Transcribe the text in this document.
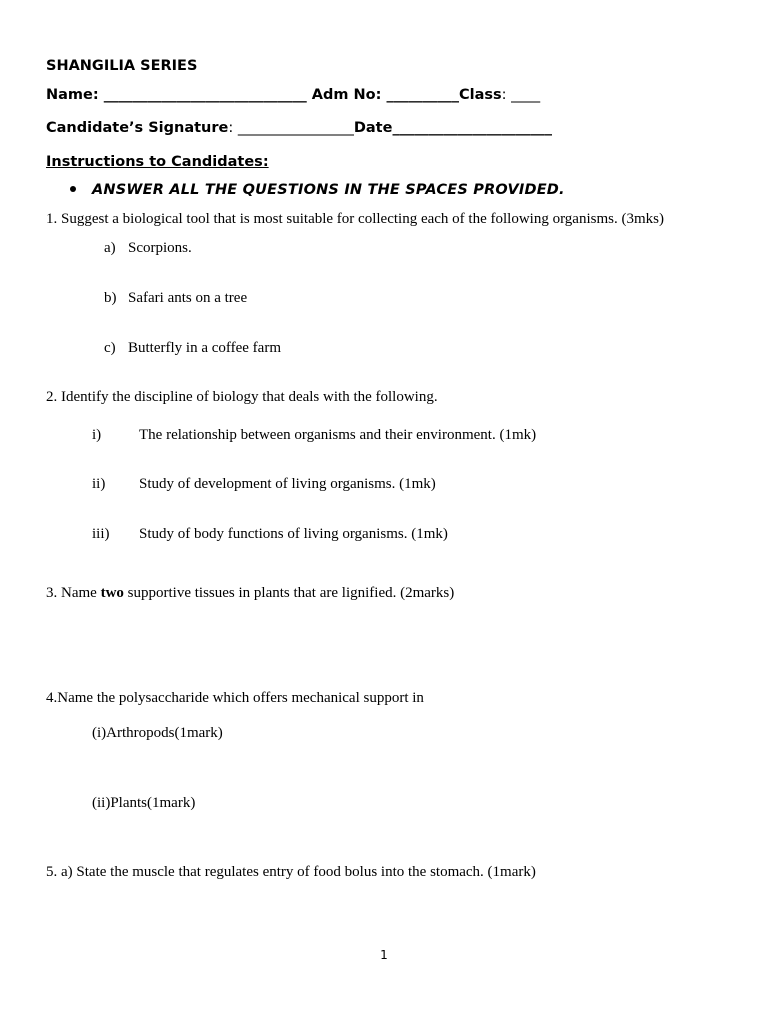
SHANGILIA SERIES
Name: ____________________________ Adm No: __________Class: ____
Candidate’s Signature: ________________Date______________________
Instructions to Candidates:
ANSWER ALL THE QUESTIONS IN THE SPACES PROVIDED.
1. Suggest a biological tool that is most suitable for collecting each of the following organisms. (3mks)
a) Scorpions.
b) Safari ants on a tree
c) Butterfly in a coffee farm
2. Identify the discipline of biology that deals with the following.
i)	The relationship between organisms and their environment. (1mk)
ii) Study of development of living organisms. (1mk)
iii) Study of body functions of living organisms. (1mk)
3. Name two supportive tissues in plants that are lignified. (2marks)
4.Name the polysaccharide which offers mechanical support in
(i)Arthropods(1mark)
(ii)Plants(1mark)
5. a) State the muscle that regulates entry of food bolus into the stomach. (1mark)
1
